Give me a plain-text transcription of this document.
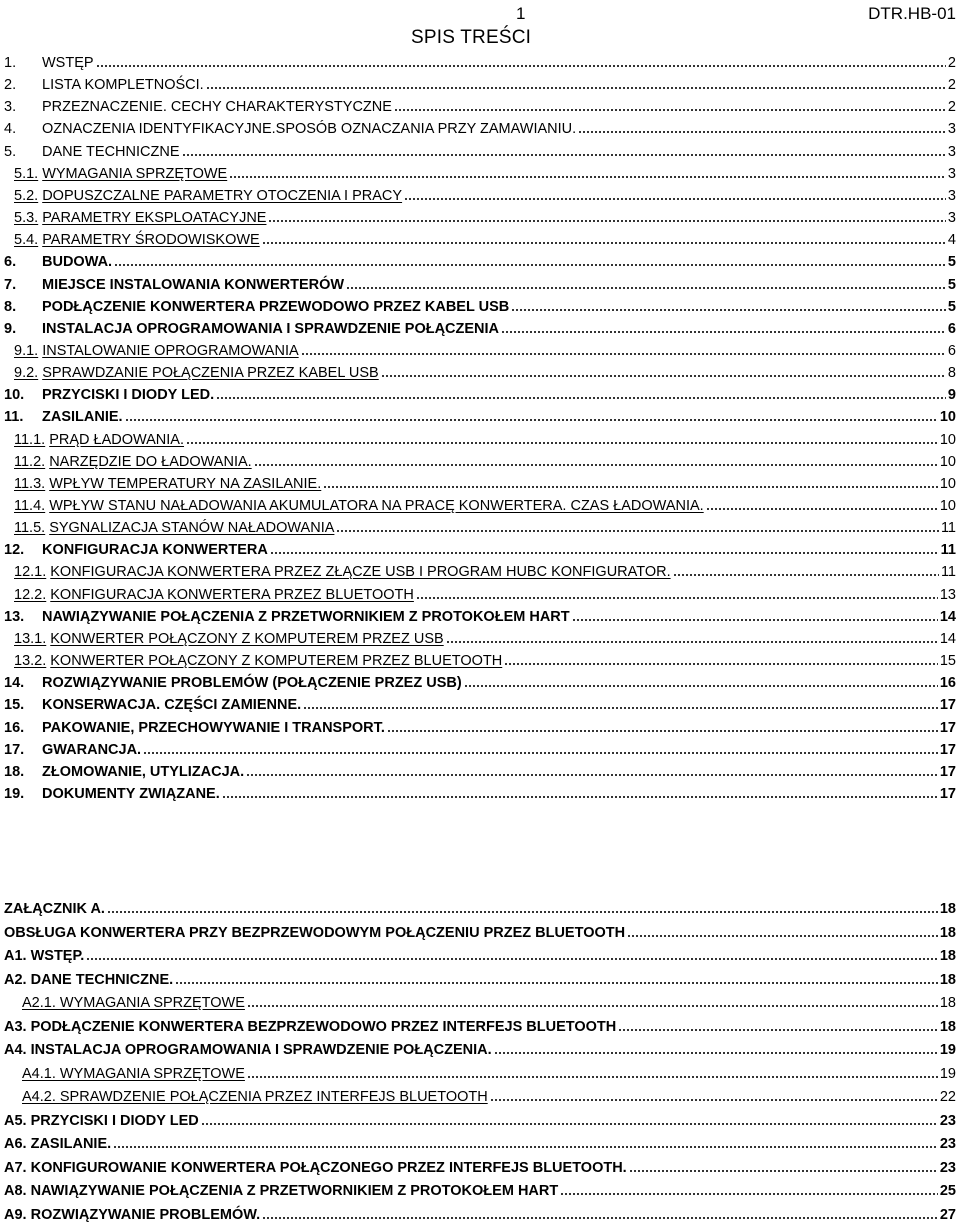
1	DTR.HB-01
SPIS TREŚCI
1.	WSTĘP	2
2.	LISTA KOMPLETNOŚCI.	2
3.	PRZEZNACZENIE. CECHY CHARAKTERYSTYCZNE	2
4.	OZNACZENIA IDENTYFIKACYJNE.SPOSÓB OZNACZANIA PRZY ZAMAWIANIU.	3
5.	DANE TECHNICZNE	3
5.1. WYMAGANIA SPRZĘTOWE	3
5.2. DOPUSZCZALNE PARAMETRY OTOCZENIA I PRACY	3
5.3. PARAMETRY EKSPLOATACYJNE	3
5.4. PARAMETRY ŚRODOWISKOWE	4
6.	BUDOWA.	5
7.	MIEJSCE INSTALOWANIA KONWERTERÓW	5
8.	PODŁĄCZENIE KONWERTERA PRZEWODOWO PRZEZ KABEL USB	5
9.	INSTALACJA OPROGRAMOWANIA I SPRAWDZENIE POŁĄCZENIA	6
9.1. INSTALOWANIE OPROGRAMOWANIA	6
9.2. SPRAWDZANIE POŁĄCZENIA PRZEZ KABEL USB	8
10.	PRZYCISKI I DIODY LED.	9
11.	ZASILANIE.	10
11.1. PRĄD ŁADOWANIA.	10
11.2. NARZĘDZIE DO ŁADOWANIA.	10
11.3. WPŁYW TEMPERATURY NA ZASILANIE.	10
11.4. WPŁYW STANU NAŁADOWANIA AKUMULATORA NA PRACĘ KONWERTERA. CZAS ŁADOWANIA.	10
11.5. SYGNALIZACJA STANÓW NAŁADOWANIA	11
12.	KONFIGURACJA KONWERTERA	11
12.1. KONFIGURACJA KONWERTERA PRZEZ ZŁĄCZE USB I PROGRAM HUBC KONFIGURATOR.	11
12.2. KONFIGURACJA KONWERTERA PRZEZ BLUETOOTH	13
13.	NAWIĄZYWANIE POŁĄCZENIA Z PRZETWORNIKIEM Z PROTOKOŁEM HART	14
13.1. KONWERTER POŁĄCZONY Z KOMPUTEREM PRZEZ USB	14
13.2. KONWERTER POŁĄCZONY Z KOMPUTEREM PRZEZ BLUETOOTH	15
14.	ROZWIĄZYWANIE PROBLEMÓW (POŁĄCZENIE PRZEZ USB)	16
15.	KONSERWACJA. CZĘŚCI ZAMIENNE.	17
16.	PAKOWANIE, PRZECHOWYWANIE I TRANSPORT.	17
17.	GWARANCJA.	17
18.	ZŁOMOWANIE, UTYLIZACJA.	17
19.	DOKUMENTY ZWIĄZANE.	17
ZAŁĄCZNIK A.	18
OBSŁUGA KONWERTERA PRZY BEZPRZEWODOWYM POŁĄCZENIU PRZEZ BLUETOOTH	18
A1. WSTĘP.	18
A2. DANE TECHNICZNE.	18
A2.1. WYMAGANIA SPRZĘTOWE	18
A3. PODŁĄCZENIE KONWERTERA BEZPRZEWODOWO PRZEZ INTERFEJS BLUETOOTH	18
A4. INSTALACJA OPROGRAMOWANIA I SPRAWDZENIE POŁĄCZENIA.	19
A4.1. WYMAGANIA SPRZĘTOWE	19
A4.2. SPRAWDZENIE POŁĄCZENIA PRZEZ INTERFEJS BLUETOOTH	22
A5. PRZYCISKI I DIODY LED	23
A6. ZASILANIE.	23
A7. KONFIGUROWANIE KONWERTERA POŁĄCZONEGO PRZEZ INTERFEJS BLUETOOTH.	23
A8. NAWIĄZYWANIE POŁĄCZENIA Z PRZETWORNIKIEM Z PROTOKOŁEM HART	25
A9. ROZWIĄZYWANIE PROBLEMÓW.	27
